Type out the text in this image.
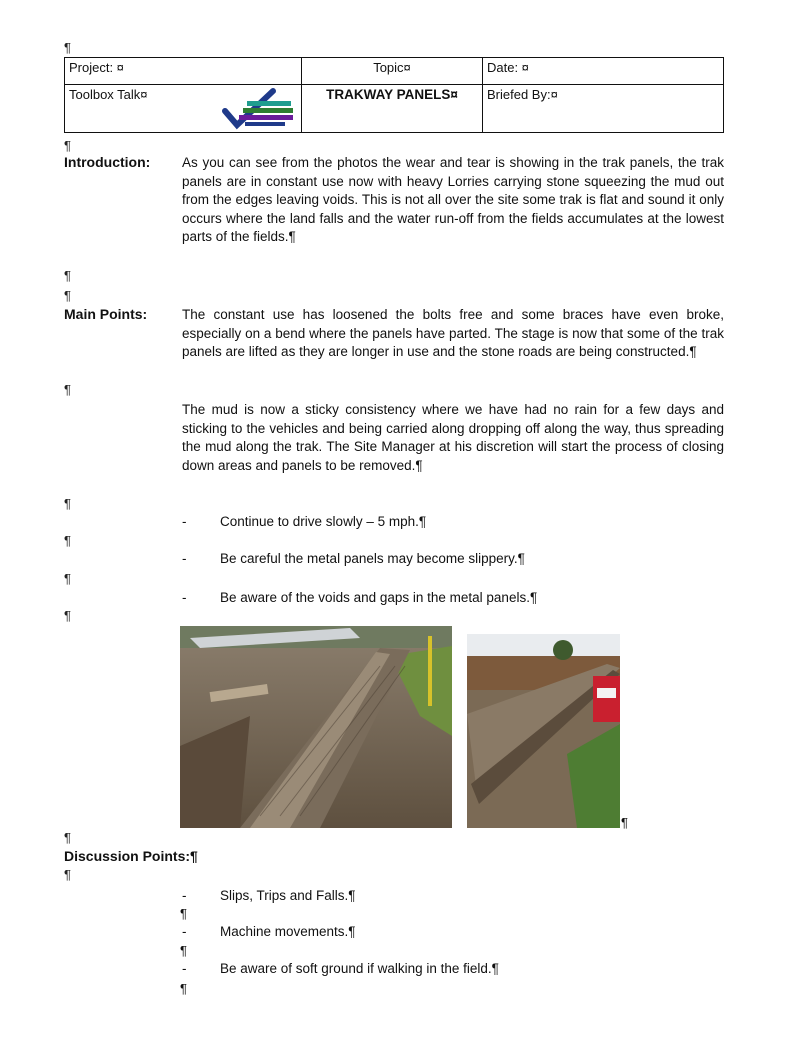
¶
Project: ¤	Topic¤	Date: ¤
Toolbox Talk¤	TRAKWAY PANELS¤	Briefed By:¤
¶
Introduction: As you can see from the photos the wear and tear is showing in the trak panels, the trak panels are in constant use now with heavy Lorries carrying stone squeezing the mud out from the edges leaving voids. This is not all over the site some trak is flat and sound it only occurs where the land falls and the water run-off from the fields accumulates at the lowest parts of the fields.¶
¶
¶
Main Points:	The constant use has loosened the bolts free and some braces have even broke, especially on a bend where the panels have parted. The stage is now that some of the trak panels are lifted as they are longer in use and the stone roads are being constructed.¶
¶
The mud is now a sticky consistency where we have had no rain for a few days and sticking to the vehicles and being carried along dropping off along the way, thus spreading the mud along the trak. The Site Manager at his discretion will start the process of closing down areas and panels to be removed.¶
¶
- Continue to drive slowly – 5 mph.¶
¶
- Be careful the metal panels may become slippery.¶
¶
- Be aware of the voids and gaps in the metal panels.¶
¶
¶
¶
Discussion Points:¶
¶
- Slips, Trips and Falls.¶
¶
- Machine movements.¶
¶
- Be aware of soft ground if walking in the field.¶
¶
